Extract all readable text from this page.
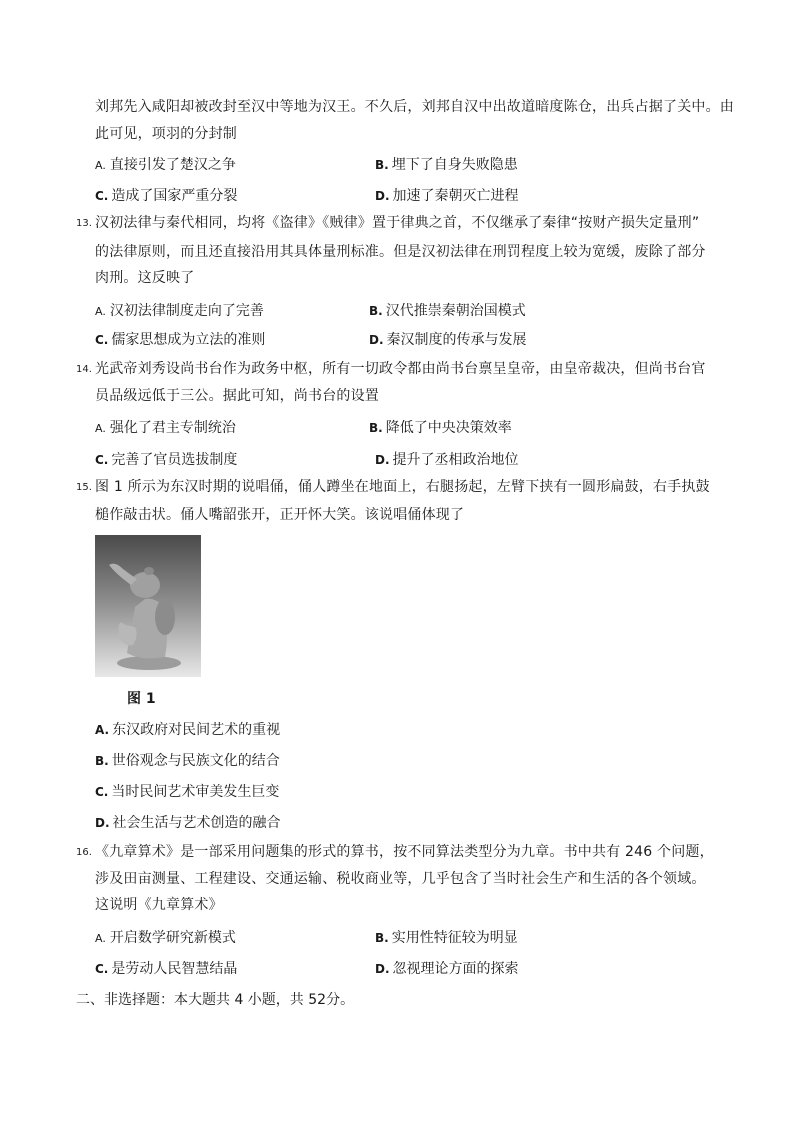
刘邦先入咸阳却被改封至汉中等地为汉王。不久后，刘邦自汉中出故道暗度陈仓，出兵占据了关中。由
此可见，项羽的分封制
A. 直接引发了楚汉之争	B. 埋下了自身失败隐患
C. 造成了国家严重分裂	D. 加速了秦朝灭亡进程
13. 汉初法律与秦代相同，均将《盗律》《贼律》置于律典之首，不仅继承了秦律“按财产损失定量刑”
的法律原则，而且还直接沿用其具体量刑标准。但是汉初法律在刑罚程度上较为宽缓，废除了部分
肉刑。这反映了
A. 汉初法律制度走向了完善	B. 汉代推崇秦朝治国模式
C. 儒家思想成为立法的准则	D. 秦汉制度的传承与发展
14. 光武帝刘秀设尚书台作为政务中枢，所有一切政令都由尚书台禀呈皇帝，由皇帝裁决，但尚书台官
员品级远低于三公。据此可知，尚书台的设置
A. 强化了君主专制统治	B. 降低了中央决策效率
C. 完善了官员选拔制度	D. 提升了丞相政治地位
15. 图 1 所示为东汉时期的说唱俑，俑人蹲坐在地面上，右腿扬起，左臂下挟有一圆形扁鼓，右手执鼓
槌作敲击状。俑人嘴韶张开，正开怀大笑。该说唱俑体现了
图 1
A. 东汉政府对民间艺术的重视
B. 世俗观念与民族文化的结合
C. 当时民间艺术审美发生巨变
D. 社会生活与艺术创造的融合
16. 《九章算术》是一部采用问题集的形式的算书，按不同算法类型分为九章。书中共有 246 个问题，
涉及田亩测量、工程建设、交通运输、税收商业等，几乎包含了当时社会生产和生活的各个领域。
这说明《九章算术》
A. 开启数学研究新模式	B. 实用性特征较为明显
C. 是劳动人民智慧结晶	D. 忽视理论方面的探索
二、非选择题：本大题共 4 小题，共 52分。
